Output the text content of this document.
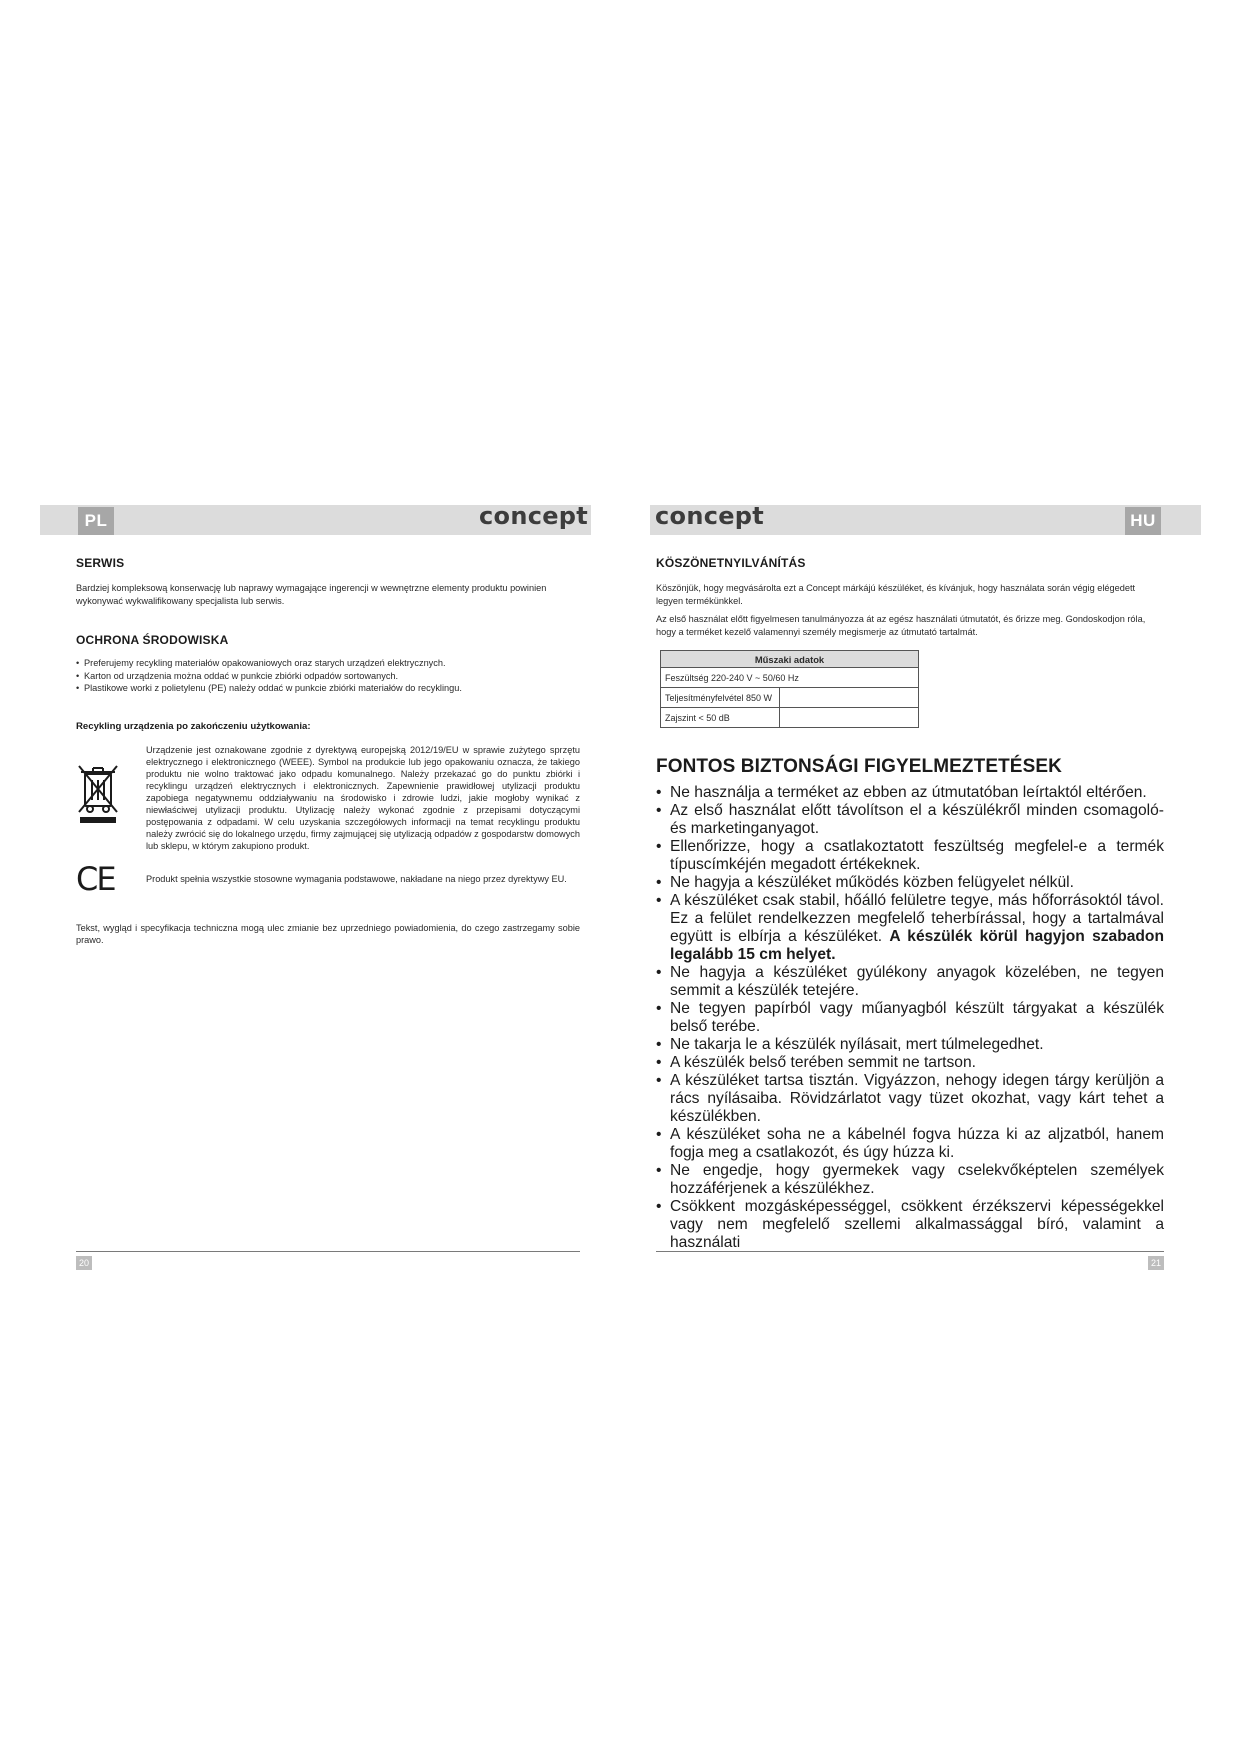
PL	HU
concept	concept
SERWIS

Bardziej kompleksową konserwację lub naprawy wymagające ingerencji w wewnętrzne elementy produktu powinien wykonywać wykwalifikowany specjalista lub serwis.

OCHRONA ŚRODOWISKA
• Preferujemy recykling materiałów opakowaniowych oraz starych urządzeń elektrycznych.
• Karton od urządzenia można oddać w punkcie zbiórki odpadów sortowanych.
• Plastikowe worki z polietylenu (PE) należy oddać w punkcie zbiórki materiałów do recyklingu.
Recykling urządzenia po zakończeniu użytkowania:
Urządzenie jest oznakowane zgodnie z dyrektywą europejską 2012/19/EU w sprawie zużytego sprzętu elektrycznego i elektronicznego (WEEE). Symbol na produkcie lub jego opakowaniu oznacza, że takiego produktu nie wolno traktować jako odpadu komunalnego. Należy przekazać go do punktu zbiórki i recyklingu urządzeń elektrycznych i elektronicznych. Zapewnienie prawidłowej utylizacji produktu zapobiega negatywnemu oddziaływaniu na środowisko i zdrowie ludzi, jakie mogłoby wynikać z niewłaściwej utylizacji produktu. Utylizację należy wykonać zgodnie z przepisami dotyczącymi postępowania z odpadami. W celu uzyskania szczegółowych informacji na temat recyklingu produktu należy zwrócić się do lokalnego urzędu, firmy zajmującej się utylizacją odpadów z gospodarstw domowych lub sklepu, w którym zakupiono produkt.
CE	Produkt spełnia wszystkie stosowne wymagania podstawowe, nakładane na niego przez dyrektywy EU.

Tekst, wygląd i specyfikacja techniczna mogą ulec zmianie bez uprzedniego powiadomienia, do czego zastrzegamy sobie prawo.

KÖSZÖNETNYILVÁNÍTÁS

Köszönjük, hogy megvásárolta ezt a Concept márkájú készüléket, és kívánjuk, hogy használata során végig elégedett legyen termékünkkel.

Az első használat előtt figyelmesen tanulmányozza át az egész használati útmutatót, és őrizze meg. Gondoskodjon róla, hogy a terméket kezelő valamennyi személy megismerje az útmutató tartalmát.

Műszaki adatok	
Feszültség 220-240 V ~ 50/60 Hz	
Teljesítményfelvétel 850 W	
Zajszint < 50 dB	
FONTOS BIZTONSÁGI FIGYELMEZTETÉSEK
• Ne használja a terméket az ebben az útmutatóban leírtaktól eltérően.
• Az első használat előtt távolítson el a készülékről minden csomagoló- és marketinganyagot.
• Ellenőrizze, hogy a csatlakoztatott feszültség megfelel-e a termék típuscímkéjén megadott értékeknek.
• Ne hagyja a készüléket működés közben felügyelet nélkül.
• A készüléket csak stabil, hőálló felületre tegye, más hőforrásoktól távol. Ez a felület rendelkezzen megfelelő teherbírással, hogy a tartalmával együtt is elbírja a készüléket. A készülék körül hagyjon szabadon legalább 15 cm helyet.
• Ne hagyja a készüléket gyúlékony anyagok közelében, ne tegyen semmit a készülék tetejére.
• Ne tegyen papírból vagy műanyagból készült tárgyakat a készülék belső terébe.
• Ne takarja le a készülék nyílásait, mert túlmelegedhet.
• A készülék belső terében semmit ne tartson.
• A készüléket tartsa tisztán. Vigyázzon, nehogy idegen tárgy kerüljön a rács nyílásaiba. Rövidzárlatot vagy tüzet okozhat, vagy kárt tehet a készülékben.
• A készüléket soha ne a kábelnél fogva húzza ki az aljzatból, hanem fogja meg a csatlakozót, és úgy húzza ki.
• Ne engedje, hogy gyermekek vagy cselekvőképtelen személyek hozzáférjenek a készülékhez.
• Csökkent mozgásképességgel, csökkent érzékszervi képességekkel vagy nem megfelelő szellemi alkalmassággal bíró, valamint a használati
20	21
